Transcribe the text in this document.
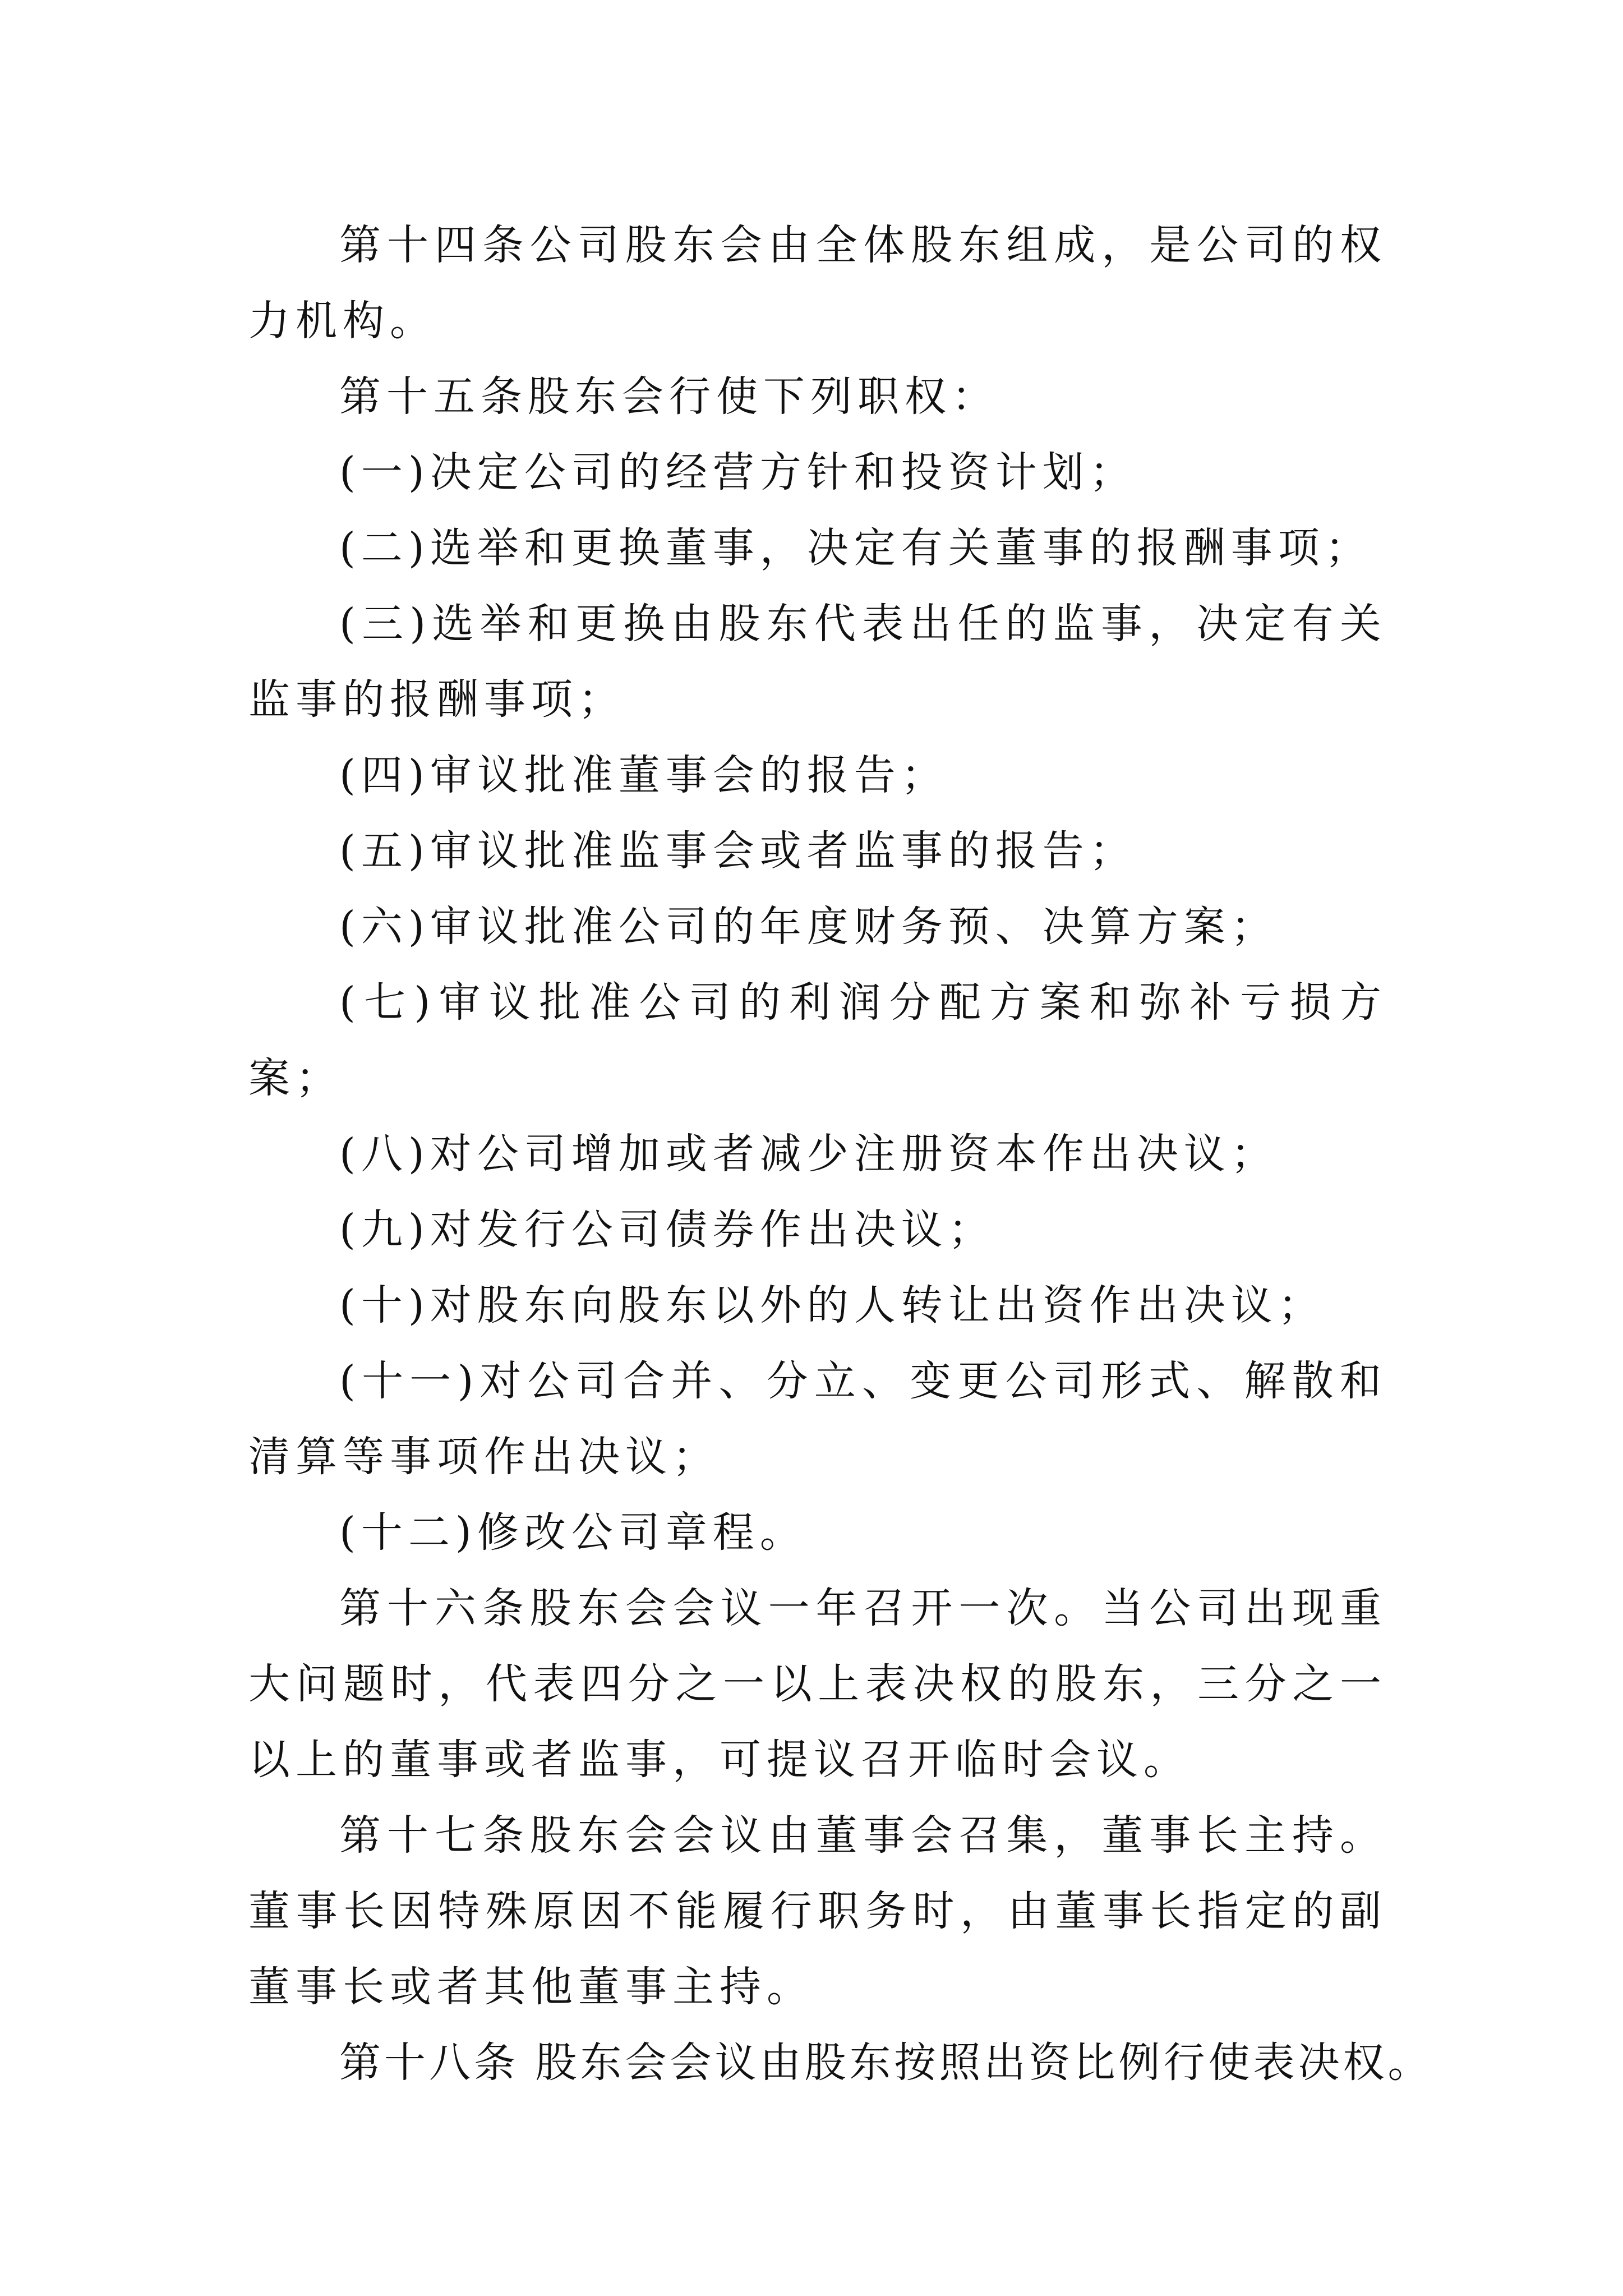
第十四条公司股东会由全体股东组成，是公司的权力机构。

第十五条股东会行使下列职权：

(一)决定公司的经营方针和投资计划；

(二)选举和更换董事，决定有关董事的报酬事项；

(三)选举和更换由股东代表出任的监事，决定有关监事的报酬事项；

(四)审议批准董事会的报告；

(五)审议批准监事会或者监事的报告；

(六)审议批准公司的年度财务预、决算方案；

(七)审议批准公司的利润分配方案和弥补亏损方案；

(八)对公司增加或者减少注册资本作出决议；

(九)对发行公司债券作出决议；

(十)对股东向股东以外的人转让出资作出决议；

(十一)对公司合并、分立、变更公司形式、解散和清算等事项作出决议；

(十二)修改公司章程。

第十六条股东会会议一年召开一次。当公司出现重大问题时，代表四分之一以上表决权的股东，三分之一以上的董事或者监事，可提议召开临时会议。

第十七条股东会会议由董事会召集，董事长主持。董事长因特殊原因不能履行职务时，由董事长指定的副董事长或者其他董事主持。

第十八条 股东会会议由股东按照出资比例行使表决权。
